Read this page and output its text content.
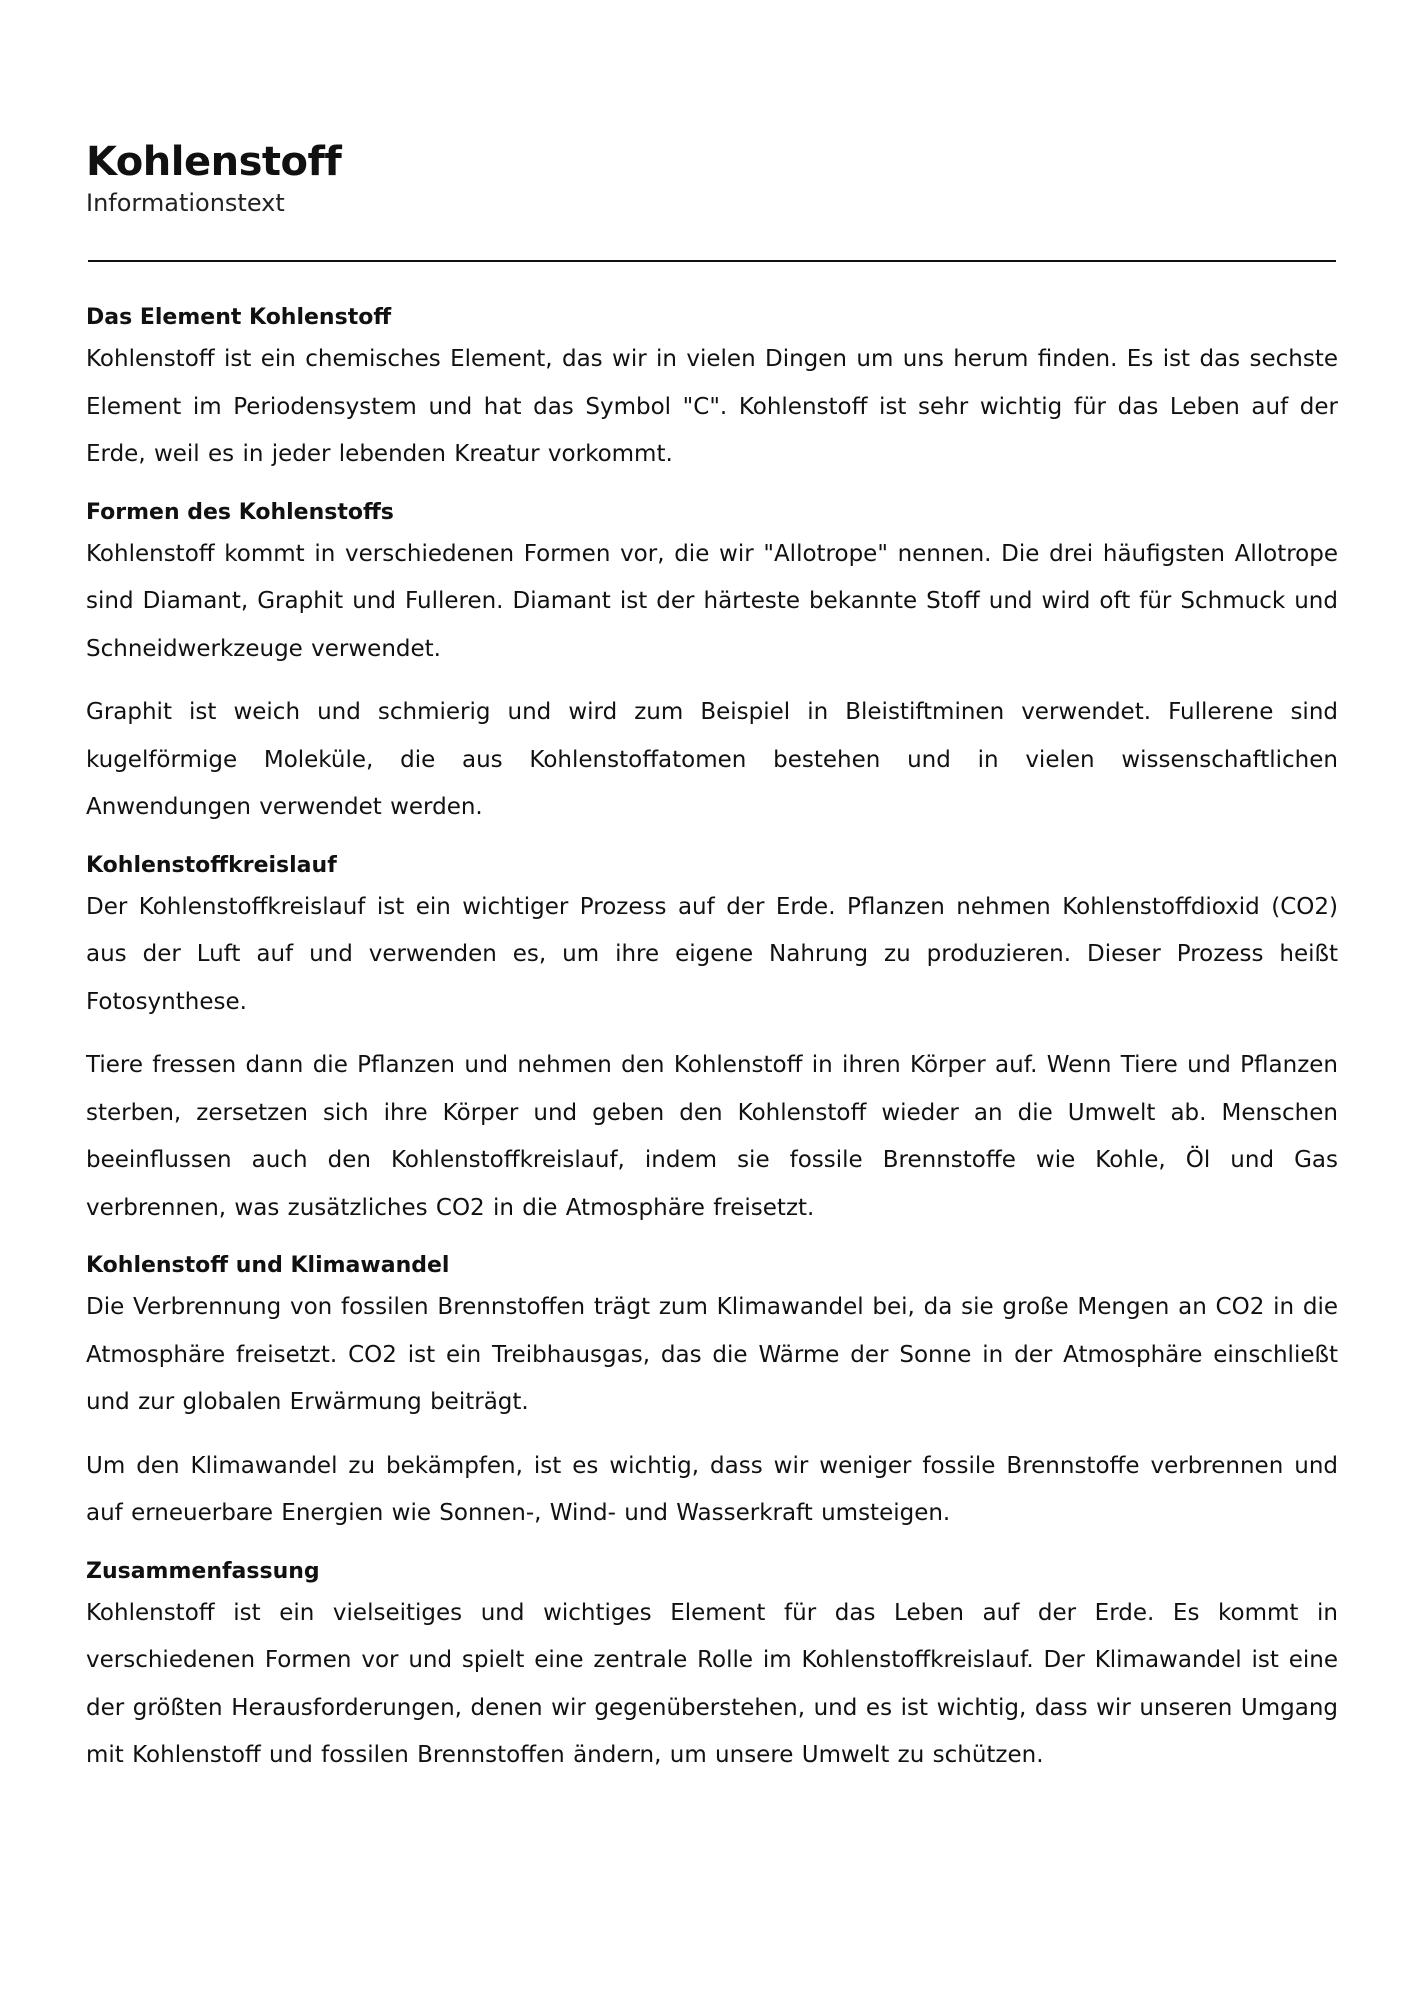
Kohlenstoff

Informationstext

Das Element Kohlenstoff

Kohlenstoff ist ein chemisches Element, das wir in vielen Dingen um uns herum finden. Es ist das sechste Element im Periodensystem und hat das Symbol "C". Kohlenstoff ist sehr wichtig für das Leben auf der Erde, weil es in jeder lebenden Kreatur vorkommt.

Formen des Kohlenstoffs

Kohlenstoff kommt in verschiedenen Formen vor, die wir "Allotrope" nennen. Die drei häufigsten Allotrope sind Diamant, Graphit und Fulleren. Diamant ist der härteste bekannte Stoff und wird oft für Schmuck und Schneidwerkzeuge verwendet.

Graphit ist weich und schmierig und wird zum Beispiel in Bleistiftminen verwendet. Fullerene sind kugelförmige Moleküle, die aus Kohlenstoffatomen bestehen und in vielen wissenschaftlichen Anwendungen verwendet werden.

Kohlenstoffkreislauf

Der Kohlenstoffkreislauf ist ein wichtiger Prozess auf der Erde. Pflanzen nehmen Kohlenstoffdioxid (CO2) aus der Luft auf und verwenden es, um ihre eigene Nahrung zu produzieren. Dieser Prozess heißt Fotosynthese.

Tiere fressen dann die Pflanzen und nehmen den Kohlenstoff in ihren Körper auf. Wenn Tiere und Pflanzen sterben, zersetzen sich ihre Körper und geben den Kohlenstoff wieder an die Umwelt ab. Menschen beeinflussen auch den Kohlenstoffkreislauf, indem sie fossile Brennstoffe wie Kohle, Öl und Gas verbrennen, was zusätzliches CO2 in die Atmosphäre freisetzt.

Kohlenstoff und Klimawandel

Die Verbrennung von fossilen Brennstoffen trägt zum Klimawandel bei, da sie große Mengen an CO2 in die Atmosphäre freisetzt. CO2 ist ein Treibhausgas, das die Wärme der Sonne in der Atmosphäre einschließt und zur globalen Erwärmung beiträgt.

Um den Klimawandel zu bekämpfen, ist es wichtig, dass wir weniger fossile Brennstoffe verbrennen und auf erneuerbare Energien wie Sonnen-, Wind- und Wasserkraft umsteigen.

Zusammenfassung

Kohlenstoff ist ein vielseitiges und wichtiges Element für das Leben auf der Erde. Es kommt in verschiedenen Formen vor und spielt eine zentrale Rolle im Kohlenstoffkreislauf. Der Klimawandel ist eine der größten Herausforderungen, denen wir gegenüberstehen, und es ist wichtig, dass wir unseren Umgang mit Kohlenstoff und fossilen Brennstoffen ändern, um unsere Umwelt zu schützen.
